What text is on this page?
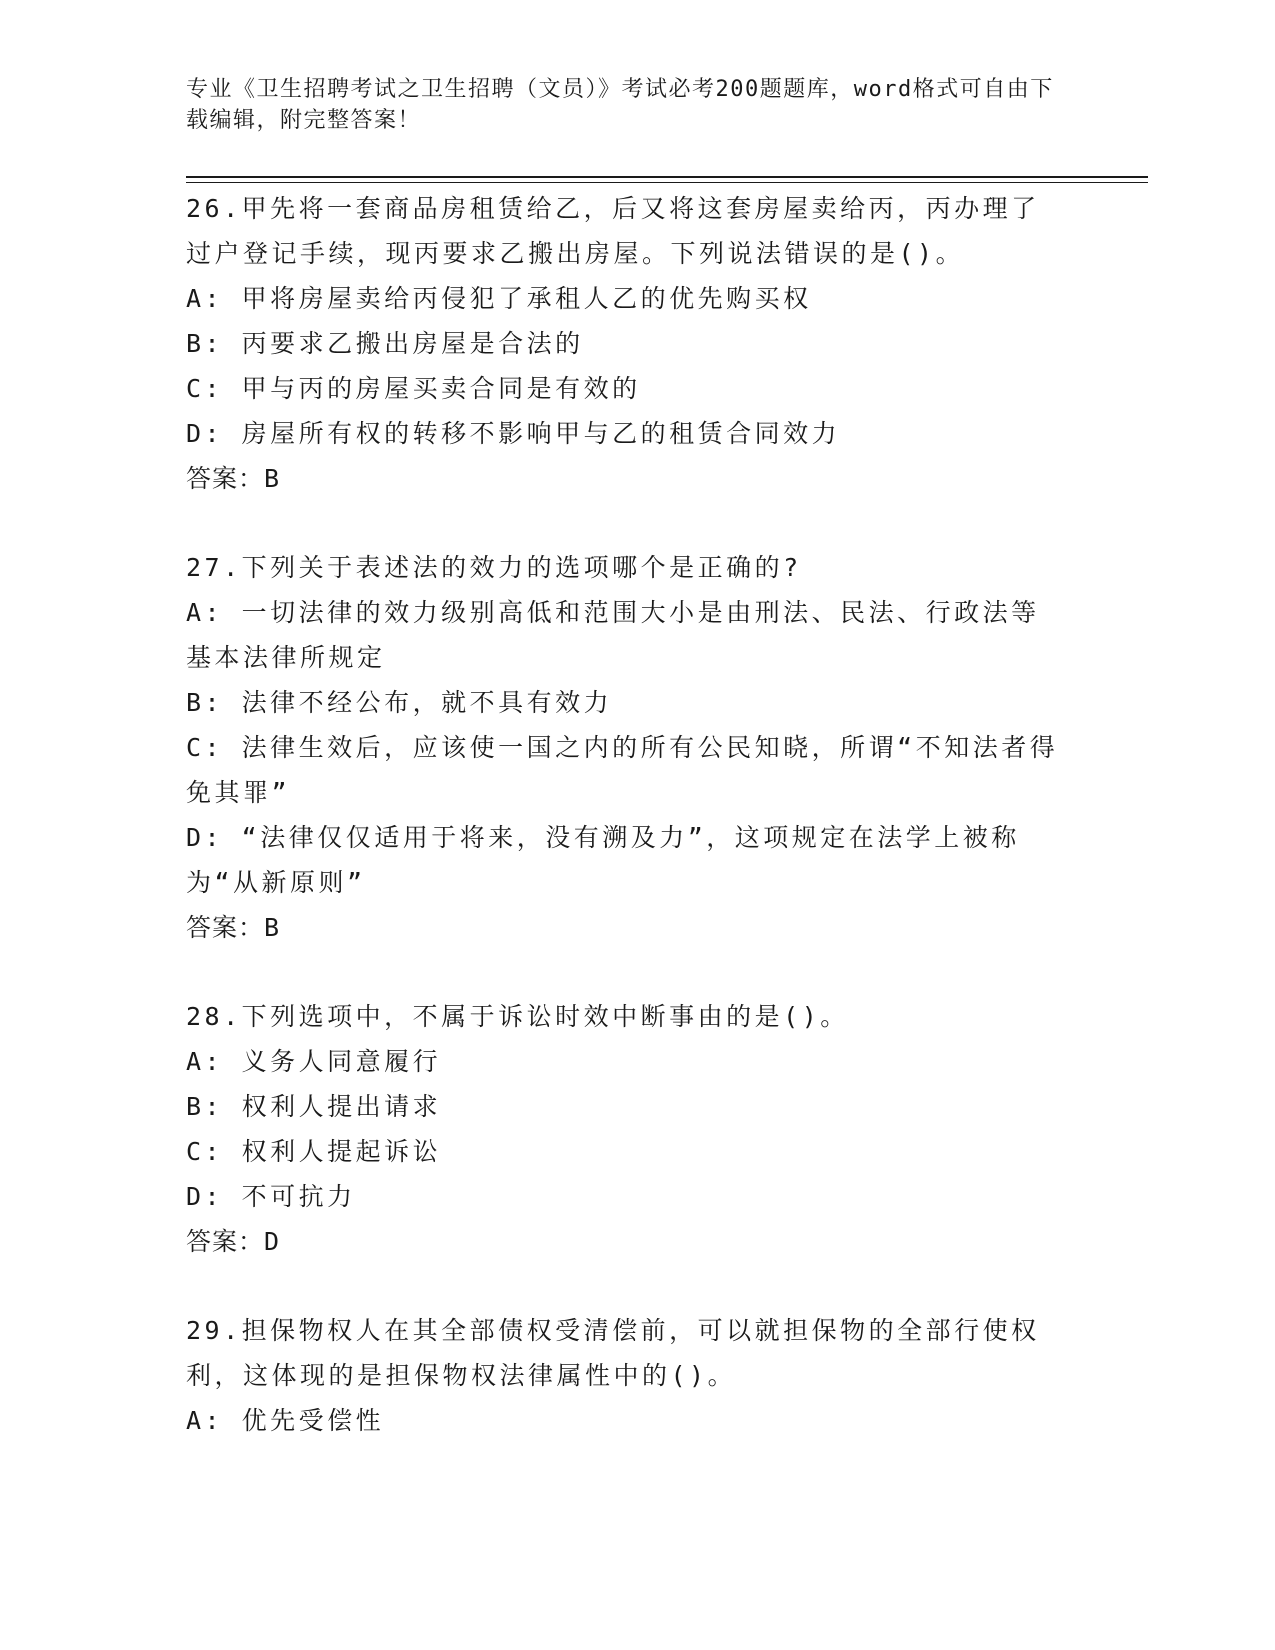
专业《卫生招聘考试之卫生招聘（文员）》考试必考200题题库，word格式可自由下载编辑，附完整答案！
26.甲先将一套商品房租赁给乙，后又将这套房屋卖给丙，丙办理了过户登记手续，现丙要求乙搬出房屋。下列说法错误的是()。
A: 甲将房屋卖给丙侵犯了承租人乙的优先购买权
B: 丙要求乙搬出房屋是合法的
C: 甲与丙的房屋买卖合同是有效的
D: 房屋所有权的转移不影响甲与乙的租赁合同效力
答案：B
27.下列关于表述法的效力的选项哪个是正确的?
A: 一切法律的效力级别高低和范围大小是由刑法、民法、行政法等基本法律所规定
B: 法律不经公布，就不具有效力
C: 法律生效后，应该使一国之内的所有公民知晓，所谓“不知法者得免其罪”
D: “法律仅仅适用于将来，没有溯及力”，这项规定在法学上被称为“从新原则”
答案：B
28.下列选项中，不属于诉讼时效中断事由的是()。
A: 义务人同意履行
B: 权利人提出请求
C: 权利人提起诉讼
D: 不可抗力
答案：D
29.担保物权人在其全部债权受清偿前，可以就担保物的全部行使权利，这体现的是担保物权法律属性中的()。
A: 优先受偿性
